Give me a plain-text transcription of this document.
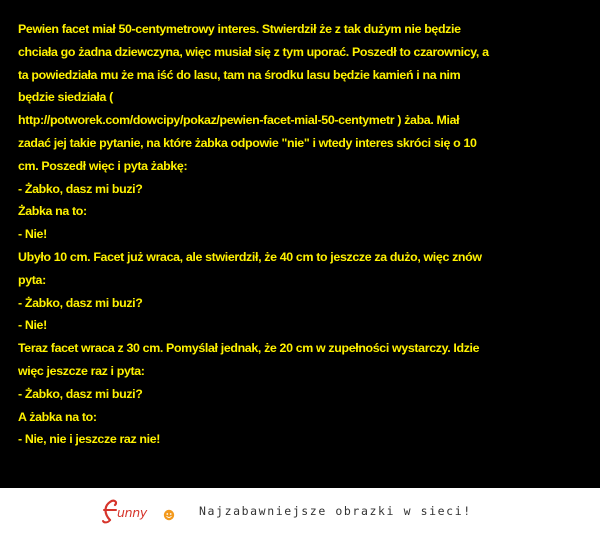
Pewien facet miał 50-centymetrowy interes. Stwierdził że z tak dużym nie będzie
chciała go żadna dziewczyna, więc musiał się z tym uporać. Poszedł to czarownicy, a
ta powiedziała mu że ma iść do lasu, tam na środku lasu będzie kamień i na nim
będzie siedziała (
http://potworek.com/dowcipy/pokaz/pewien-facet-mial-50-centymetr ) żaba. Miał
zadać jej takie pytanie, na które żabka odpowie "nie" i wtedy interes skróci się o 10
cm. Poszedł więc i pyta żabkę:
- Żabko, dasz mi buzi?
Żabka na to:
- Nie!
Ubyło 10 cm. Facet już wraca, ale stwierdził, że 40 cm to jeszcze za dużo, więc znów
pyta:
- Żabko, dasz mi buzi?
- Nie!
Teraz facet wraca z 30 cm. Pomyślał jednak, że 20 cm w zupełności wystarczy. Idzie
więc jeszcze raz i pyta:
- Żabko, dasz mi buzi?
A żabka na to:
- Nie, nie i jeszcze raz nie!
unny	Najzabawniejsze obrazki w sieci!
